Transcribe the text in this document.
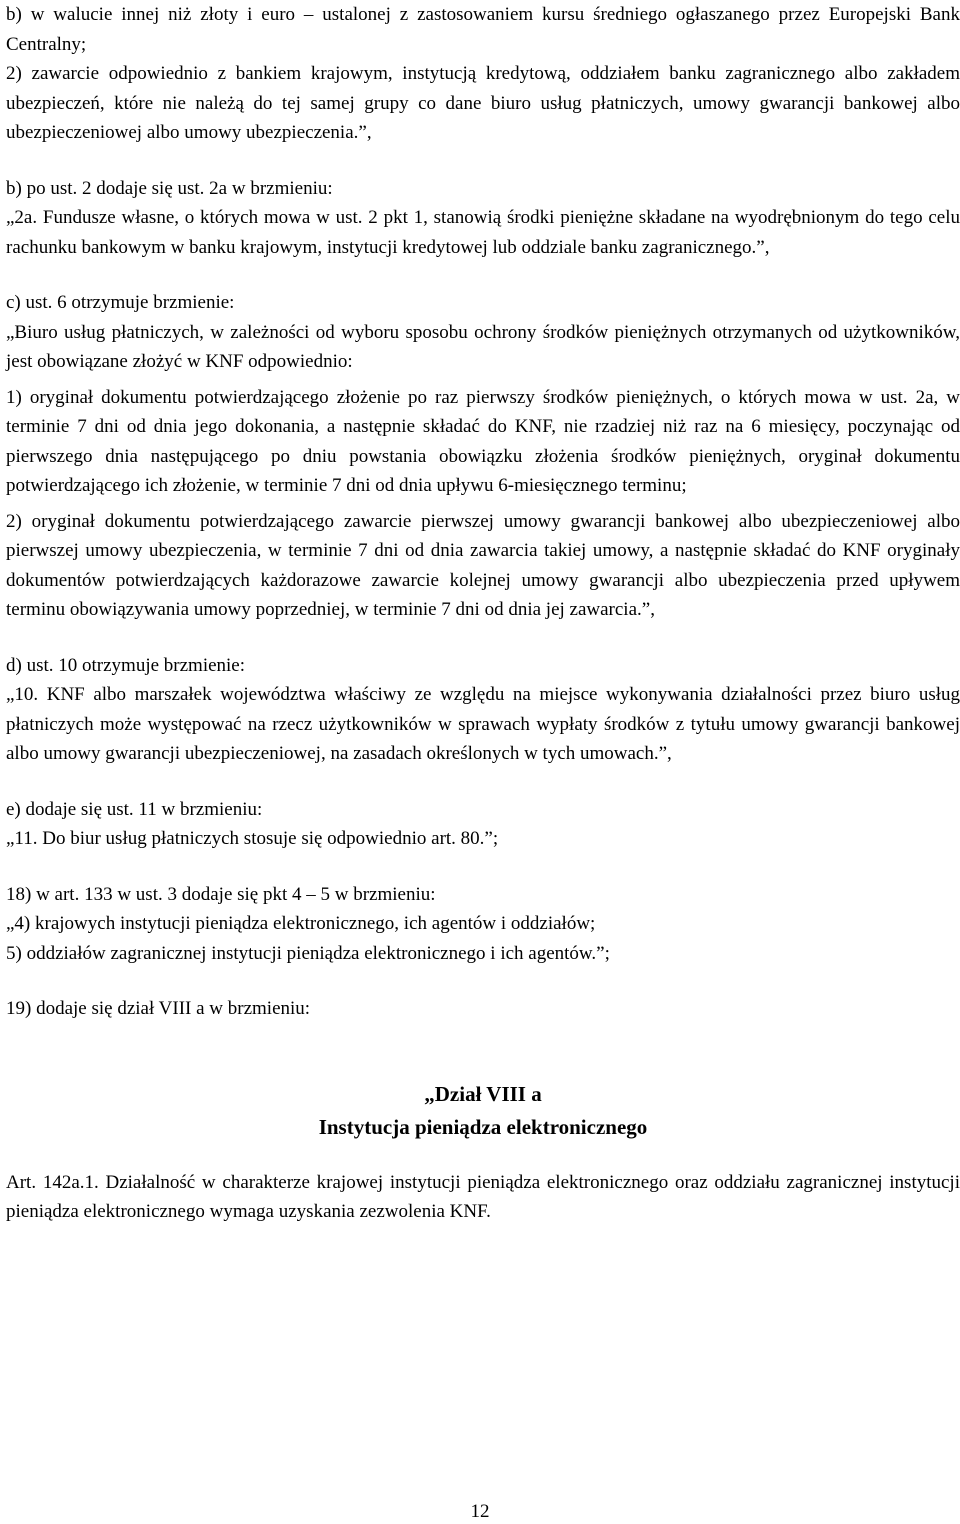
b) w walucie innej niż złoty i euro – ustalonej z zastosowaniem kursu średniego ogłaszanego przez Europejski Bank Centralny;

2) zawarcie odpowiednio z bankiem krajowym, instytucją kredytową, oddziałem banku zagranicznego albo zakładem ubezpieczeń, które nie należą do tej samej grupy co dane biuro usług płatniczych, umowy gwarancji bankowej albo ubezpieczeniowej albo umowy ubezpieczenia.”,

b) po ust. 2 dodaje się ust. 2a w brzmieniu:

„2a. Fundusze własne, o których mowa w ust. 2 pkt 1, stanowią środki pieniężne składane na wyodrębnionym do tego celu rachunku bankowym w banku krajowym, instytucji kredytowej lub oddziale banku zagranicznego.”,

c) ust. 6 otrzymuje brzmienie:

„Biuro usług płatniczych, w zależności od wyboru sposobu ochrony środków pieniężnych otrzymanych od użytkowników, jest obowiązane złożyć w KNF odpowiednio:

1) oryginał dokumentu potwierdzającego złożenie po raz pierwszy środków pieniężnych, o których mowa w ust. 2a, w terminie 7 dni od dnia jego dokonania, a następnie składać do KNF, nie rzadziej niż raz na 6 miesięcy, poczynając od pierwszego dnia następującego po dniu powstania obowiązku złożenia środków pieniężnych, oryginał dokumentu potwierdzającego ich złożenie, w terminie 7 dni od dnia upływu 6-miesięcznego terminu;

2) oryginał dokumentu potwierdzającego zawarcie pierwszej umowy gwarancji bankowej albo ubezpieczeniowej albo pierwszej umowy ubezpieczenia, w terminie 7 dni od dnia zawarcia takiej umowy, a następnie składać do KNF oryginały dokumentów potwierdzających każdorazowe zawarcie kolejnej umowy gwarancji albo ubezpieczenia przed upływem terminu obowiązywania umowy poprzedniej, w terminie 7 dni od dnia jej zawarcia.”,

d) ust. 10 otrzymuje brzmienie:

„10. KNF albo marszałek województwa właściwy ze względu na miejsce wykonywania działalności przez biuro usług płatniczych może występować na rzecz użytkowników w sprawach wypłaty środków z tytułu umowy gwarancji bankowej albo umowy gwarancji ubezpieczeniowej, na zasadach określonych w tych umowach.”,

e) dodaje się ust. 11 w brzmieniu:

„11. Do biur usług płatniczych stosuje się odpowiednio art. 80.”;

18) w art. 133 w ust. 3 dodaje się pkt 4 – 5 w brzmieniu:

„4) krajowych instytucji pieniądza elektronicznego, ich agentów i oddziałów;

5) oddziałów zagranicznej instytucji pieniądza elektronicznego i ich agentów.”;

19) dodaje się dział VIII a w brzmieniu:

„Dział VIII a

Instytucja pieniądza elektronicznego

Art. 142a.1. Działalność w charakterze krajowej instytucji pieniądza elektronicznego oraz oddziału zagranicznej instytucji pieniądza elektronicznego wymaga uzyskania zezwolenia KNF.

12
